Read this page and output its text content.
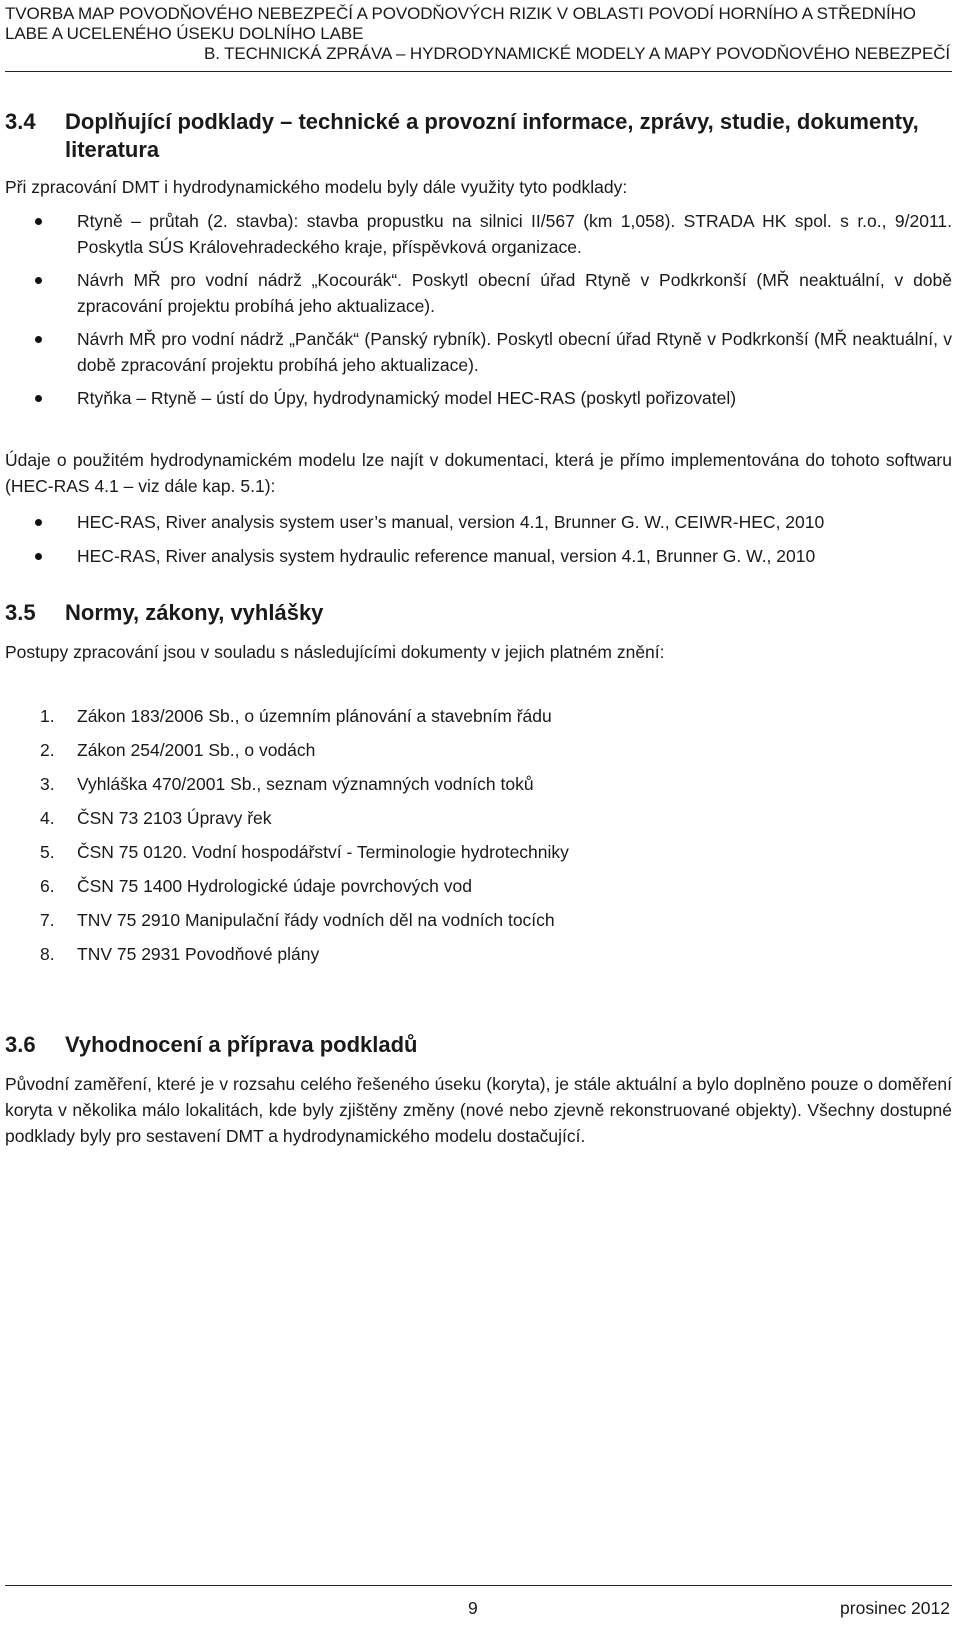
TVORBA MAP POVODŇOVÉHO NEBEZPEČÍ A POVODŇOVÝCH RIZIK V OBLASTI POVODÍ HORNÍHO A STŘEDNÍHO
LABE A UCELENÉHO ÚSEKU DOLNÍHO LABE
B. TECHNICKÁ ZPRÁVA – HYDRODYNAMICKÉ MODELY A MAPY POVODŇOVÉHO NEBEZPEČÍ
3.4	Doplňující podklady – technické a provozní informace, zprávy, studie, dokumenty, literatura

Při zpracování DMT i hydrodynamického modelu byly dále využity tyto podklady:

Rtyně – průtah (2. stavba): stavba propustku na silnici II/567 (km 1,058). STRADA HK spol. s r.o., 9/2011. Poskytla SÚS Královehradeckého kraje, příspěvková organizace.
Návrh MŘ pro vodní nádrž „Kocourák“. Poskytl obecní úřad Rtyně v Podkrkonší (MŘ neaktuální, v době zpracování projektu probíhá jeho aktualizace).
Návrh MŘ pro vodní nádrž „Pančák“ (Panský rybník). Poskytl obecní úřad Rtyně v Podkrkonší (MŘ neaktuální, v době zpracování projektu probíhá jeho aktualizace).
Rtyňka – Rtyně – ústí do Úpy, hydrodynamický model HEC-RAS (poskytl pořizovatel)

Údaje o použitém hydrodynamickém modelu lze najít v dokumentaci, která je přímo implementována do tohoto softwaru (HEC-RAS 4.1 – viz dále kap. 5.1):

HEC-RAS, River analysis system user’s manual, version 4.1, Brunner G. W., CEIWR-HEC, 2010
HEC-RAS, River analysis system hydraulic reference manual, version 4.1, Brunner G. W., 2010
3.5	Normy, zákony, vyhlášky

Postupy zpracování jsou v souladu s následujícími dokumenty v jejich platném znění:

1.	Zákon 183/2006 Sb., o územním plánování a stavebním řádu
2.	Zákon 254/2001 Sb., o vodách
3.	Vyhláška 470/2001 Sb., seznam významných vodních toků
4.	ČSN 73 2103 Úpravy řek
5.	ČSN 75 0120. Vodní hospodářství - Terminologie hydrotechniky
6.	ČSN 75 1400 Hydrologické údaje povrchových vod
7.	TNV 75 2910 Manipulační řády vodních děl na vodních tocích
8.	TNV 75 2931 Povodňové plány
3.6	Vyhodnocení a příprava podkladů

Původní zaměření, které je v rozsahu celého řešeného úseku (koryta), je stále aktuální a bylo doplněno pouze o doměření koryta v několika málo lokalitách, kde byly zjištěny změny (nové nebo zjevně rekonstruované objekty). Všechny dostupné podklady byly pro sestavení DMT a hydrodynamického modelu dostačující.

9	prosinec 2012
